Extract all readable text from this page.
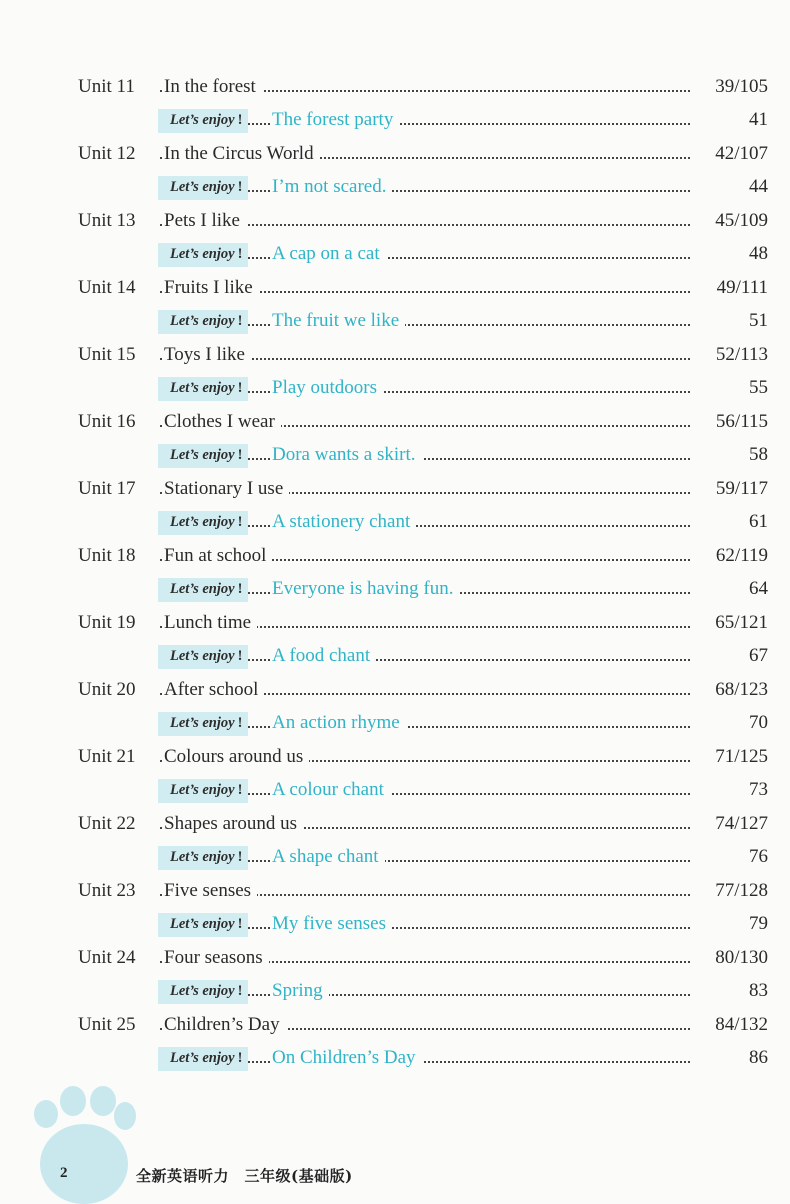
Unit 11	In the forest	39/105
Let’s enjoy ! The forest party	41
Unit 12	In the Circus World	42/107
Let’s enjoy ! I’m not scared.	44
Unit 13	Pets I like	45/109
Let’s enjoy ! A cap on a cat	48
Unit 14	Fruits I like	49/111
Let’s enjoy ! The fruit we like	51
Unit 15	Toys I like	52/113
Let’s enjoy ! Play outdoors	55
Unit 16	Clothes I wear	56/115
Let’s enjoy ! Dora wants a skirt.	58
Unit 17	Stationary I use	59/117
Let’s enjoy ! A stationery chant	61
Unit 18	Fun at school	62/119
Let’s enjoy ! Everyone is having fun.	64
Unit 19	Lunch time	65/121
Let’s enjoy ! A food chant	67
Unit 20	After school	68/123
Let’s enjoy ! An action rhyme	70
Unit 21	Colours around us	71/125
Let’s enjoy ! A colour chant	73
Unit 22	Shapes around us	74/127
Let’s enjoy ! A shape chant	76
Unit 23	Five senses	77/128
Let’s enjoy ! My five senses	79
Unit 24	Four seasons	80/130
Let’s enjoy ! Spring	83
Unit 25	Children’s Day	84/132
Let’s enjoy ! On Children’s Day	86
2	全新英语听力　三年级(基础版)
